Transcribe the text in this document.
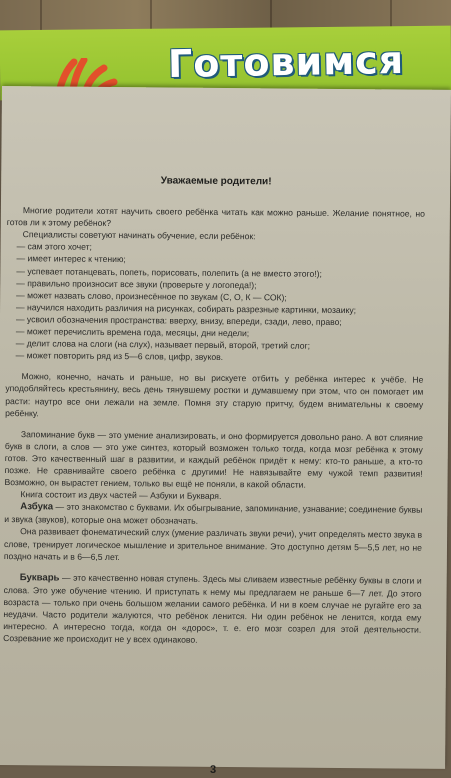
Готовимся

Уважаемые родители!

Многие родители хотят научить своего ребёнка читать как можно раньше. Желание понятное, но готов ли к этому ребёнок?

Специалисты советуют начинать обучение, если ребёнок:

— сам этого хочет;

— имеет интерес к чтению;

— успевает потанцевать, попеть, порисовать, полепить (а не вместо этого!);

— правильно произносит все звуки (проверьте у логопеда!);

— может назвать слово, произнесённое по звукам (С, О, К — СОК);

— научился находить различия на рисунках, собирать разрезные картинки, мозаику;

— усвоил обозначения пространства: вверху, внизу, впереди, сзади, лево, право;

— может перечислить времена года, месяцы, дни недели;

— делит слова на слоги (на слух), называет первый, второй, третий слог;

— может повторить ряд из 5—6 слов, цифр, звуков.

Можно, конечно, начать и раньше, но вы рискуете отбить у ребёнка интерес к учёбе. Не уподобляйтесь крестьянину, весь день тянувшему ростки и думавшему при этом, что он помогает им расти: наутро все они лежали на земле. Помня эту старую притчу, будем внимательны к своему ребёнку.

Запоминание букв — это умение анализировать, и оно формируется довольно рано. А вот слияние букв в слоги, а слов — это уже синтез, который возможен только тогда, когда мозг ребёнка к этому готов. Это качественный шаг в развитии, и каждый ребёнок придёт к нему: кто-то раньше, а кто-то позже. Не сравнивайте своего ребёнка с другими! Не навязывайте ему чужой темп развития! Возможно, он вырастет гением, только вы ещё не поняли, в какой области.

Книга состоит из двух частей — Азбуки и Букваря.

Азбука — это знакомство с буквами. Их обыгрывание, запоминание, узнавание; соединение буквы и звука (звуков), которые она может обозначать.

Она развивает фонематический слух (умение различать звуки речи), учит определять место звука в слове, тренирует логическое мышление и зрительное внимание. Это доступно детям 5—5,5 лет, но не поздно начать и в 6—6,5 лет.

Букварь — это качественно новая ступень. Здесь мы сливаем известные ребёнку буквы в слоги и слова. Это уже обучение чтению. И приступать к нему мы предлагаем не раньше 6—7 лет. До этого возраста — только при очень большом желании самого ребёнка. И ни в коем случае не ругайте его за неудачи. Часто родители жалуются, что ребёнок ленится. Ни один ребёнок не ленится, когда ему интересно. А интересно тогда, когда он «дорос», т. е. его мозг созрел для этой деятельности. Созревание же происходит не у всех одинаково.

3
